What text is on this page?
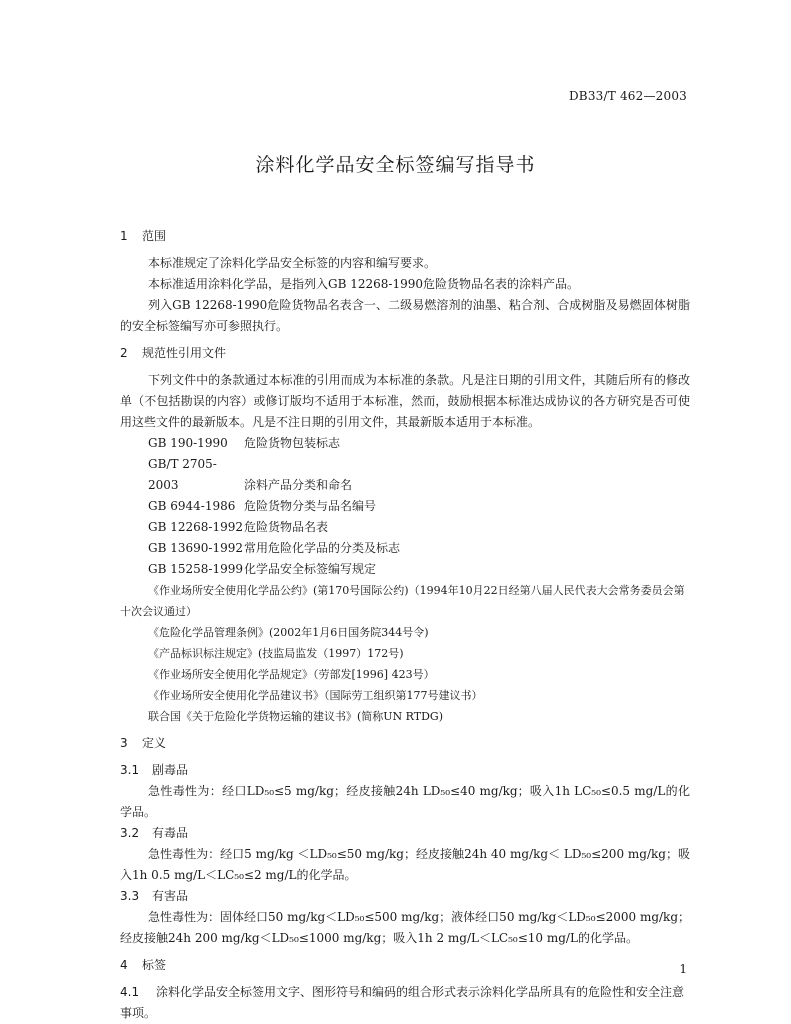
DB33/T 462—2003
涂料化学品安全标签编写指导书
1 范围

本标准规定了涂料化学品安全标签的内容和编写要求。

本标准适用涂料化学品，是指列入GB 12268-1990危险货物品名表的涂料产品。

列入GB 12268-1990危险货物品名表含一、二级易燃溶剂的油墨、粘合剂、合成树脂及易燃固体树脂的安全标签编写亦可参照执行。

2 规范性引用文件

下列文件中的条款通过本标准的引用而成为本标准的条款。凡是注日期的引用文件，其随后所有的修改单（不包括勘误的内容）或修订版均不适用于本标准，然而，鼓励根据本标准达成协议的各方研究是否可使用这些文件的最新版本。凡是不注日期的引用文件，其最新版本适用于本标准。

GB 190-1990 危险货物包装标志
GB/T 2705-2003	涂料产品分类和命名
GB 6944-1986 危险货物分类与品名编号
GB 12268-1992危险货物品名表
GB 13690-1992常用危险化学品的分类及标志
GB 15258-1999化学品安全标签编写规定

《作业场所安全使用化学品公约》(第170号国际公约)（1994年10月22日经第八届人民代表大会常务委员会第十次会议通过）

《危险化学品管理条例》(2002年1月6日国务院344号令)

《产品标识标注规定》(技监局监发（1997）172号)

《作业场所安全使用化学品规定》（劳部发[1996] 423号）

《作业场所安全使用化学品建议书》（国际劳工组织第177号建议书）

联合国《关于危险化学货物运输的建议书》(简称UN RTDG)

3 定义
3.1 剧毒品

急性毒性为：经口LD₅₀≤5 mg/kg；经皮接触24h LD₅₀≤40 mg/kg；吸入1h LC₅₀≤0.5 mg/L的化学品。

3.2 有毒品

急性毒性为：经口5 mg/kg ＜LD₅₀≤50 mg/kg；经皮接触24h 40 mg/kg＜ LD₅₀≤200 mg/kg；吸入1h 0.5 mg/L＜LC₅₀≤2 mg/L的化学品。

3.3 有害品

急性毒性为：固体经口50 mg/kg＜LD₅₀≤500 mg/kg；液体经口50 mg/kg＜LD₅₀≤2000 mg/kg；经皮接触24h 200 mg/kg＜LD₅₀≤1000 mg/kg；吸入1h 2 mg/L＜LC₅₀≤10 mg/L的化学品。

4 标签

4.1 涂料化学品安全标签用文字、图形符号和编码的组合形式表示涂料化学品所具有的危险性和安全注意事项。

1
